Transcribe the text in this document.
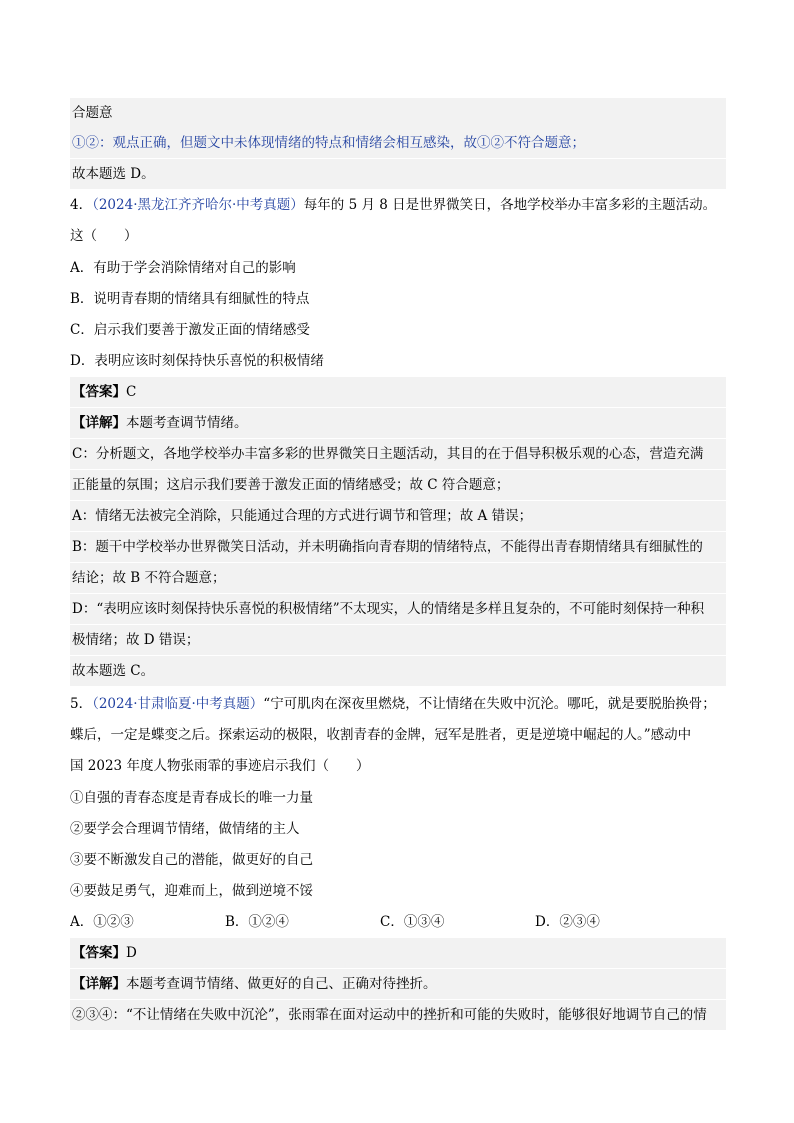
合题意
①②：观点正确，但题文中未体现情绪的特点和情绪会相互感染，故①②不符合题意；
故本题选 D。
4．（2024·黑龙江齐齐哈尔·中考真题）每年的 5 月 8 日是世界微笑日，各地学校举办丰富多彩的主题活动。
这（　　）
A．有助于学会消除情绪对自己的影响
B．说明青春期的情绪具有细腻性的特点
C．启示我们要善于激发正面的情绪感受
D．表明应该时刻保持快乐喜悦的积极情绪
【答案】C
【详解】本题考查调节情绪。
C：分析题文，各地学校举办丰富多彩的世界微笑日主题活动，其目的在于倡导积极乐观的心态，营造充满
正能量的氛围；这启示我们要善于激发正面的情绪感受；故 C 符合题意；
A：情绪无法被完全消除，只能通过合理的方式进行调节和管理；故 A 错误；
B：题干中学校举办世界微笑日活动，并未明确指向青春期的情绪特点，不能得出青春期情绪具有细腻性的
结论；故 B 不符合题意；
D：“表明应该时刻保持快乐喜悦的积极情绪”不太现实，人的情绪是多样且复杂的，不可能时刻保持一种积
极情绪；故 D 错误；
故本题选 C。
5．（2024·甘肃临夏·中考真题）“宁可肌肉在深夜里燃烧，不让情绪在失败中沉沦。哪吒，就是要脱胎换骨；
蝶后，一定是蝶变之后。探索运动的极限，收割青春的金牌，冠军是胜者，更是逆境中崛起的人。”感动中
国 2023 年度人物张雨霏的事迹启示我们（　　）
①自强的青春态度是青春成长的唯一力量
②要学会合理调节情绪，做情绪的主人
③要不断激发自己的潜能，做更好的自己
④要鼓足勇气，迎难而上，做到逆境不馁
A．①②③	B．①②④	C．①③④	D．②③④
【答案】D
【详解】本题考查调节情绪、做更好的自己、正确对待挫折。
②③④：“不让情绪在失败中沉沦”，张雨霏在面对运动中的挫折和可能的失败时，能够很好地调节自己的情
